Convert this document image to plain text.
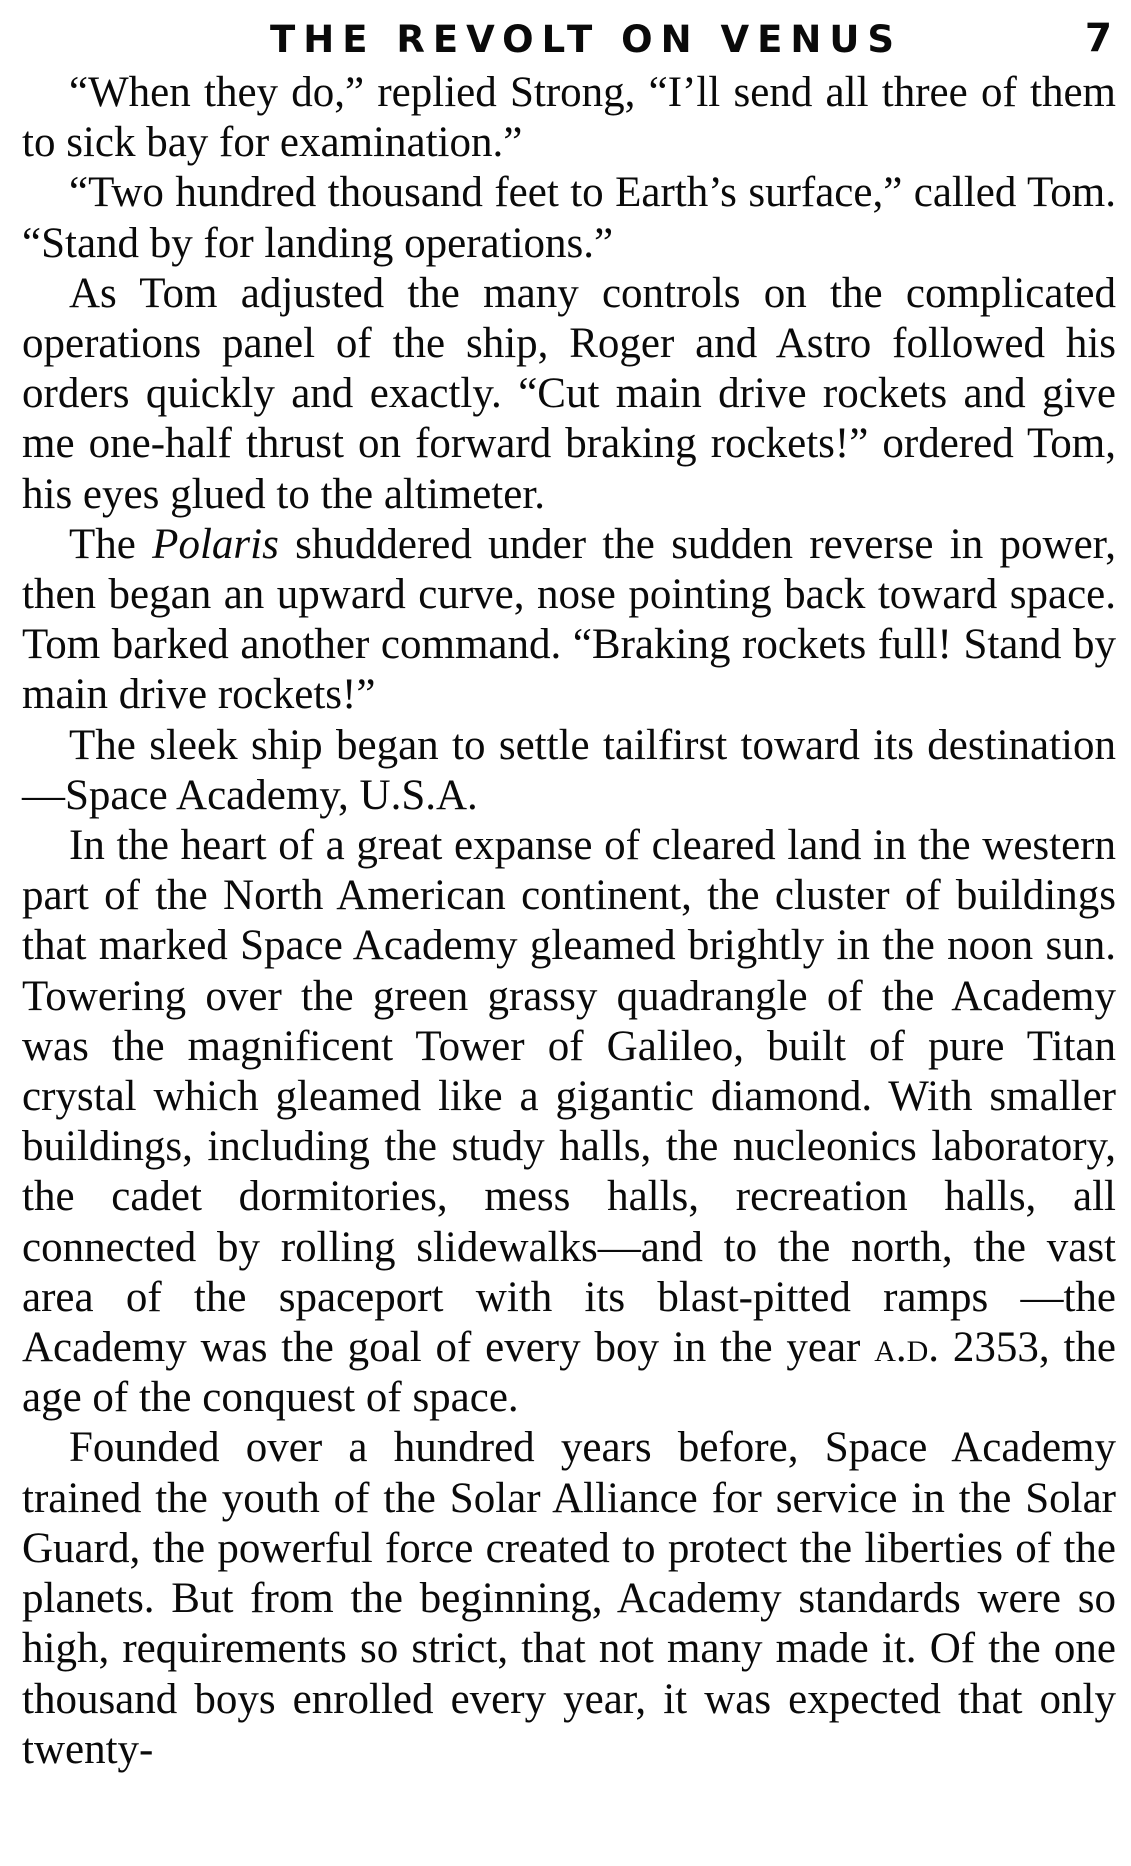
THE REVOLT ON VENUS	7

“When they do,” replied Strong, “I’ll send all three of them to sick bay for examination.”

“Two hundred thousand feet to Earth’s surface,” called Tom. “Stand by for landing operations.”

As Tom adjusted the many controls on the complicated operations panel of the ship, Roger and Astro followed his orders quickly and exactly. “Cut main drive rockets and give me one-half thrust on forward braking rockets!” ordered Tom, his eyes glued to the altimeter.

The Polaris shuddered under the sudden reverse in power, then began an upward curve, nose pointing back toward space. Tom barked another command. “Braking rockets full! Stand by main drive rockets!”

The sleek ship began to settle tailfirst toward its destination—Space Academy, U.S.A.

In the heart of a great expanse of cleared land in the western part of the North American continent, the cluster of buildings that marked Space Academy gleamed brightly in the noon sun. Towering over the green grassy quadrangle of the Academy was the magnificent Tower of Galileo, built of pure Titan crystal which gleamed like a gigantic diamond. With smaller buildings, including the study halls, the nucleonics laboratory, the cadet dormitories, mess halls, recreation halls, all connected by rolling slidewalks—and to the north, the vast area of the spaceport with its blast-pitted ramps —the Academy was the goal of every boy in the year a.d. 2353, the age of the conquest of space.

Founded over a hundred years before, Space Academy trained the youth of the Solar Alliance for service in the Solar Guard, the powerful force created to protect the liberties of the planets. But from the beginning, Academy standards were so high, requirements so strict, that not many made it. Of the one thousand boys enrolled every year, it was expected that only twenty-
